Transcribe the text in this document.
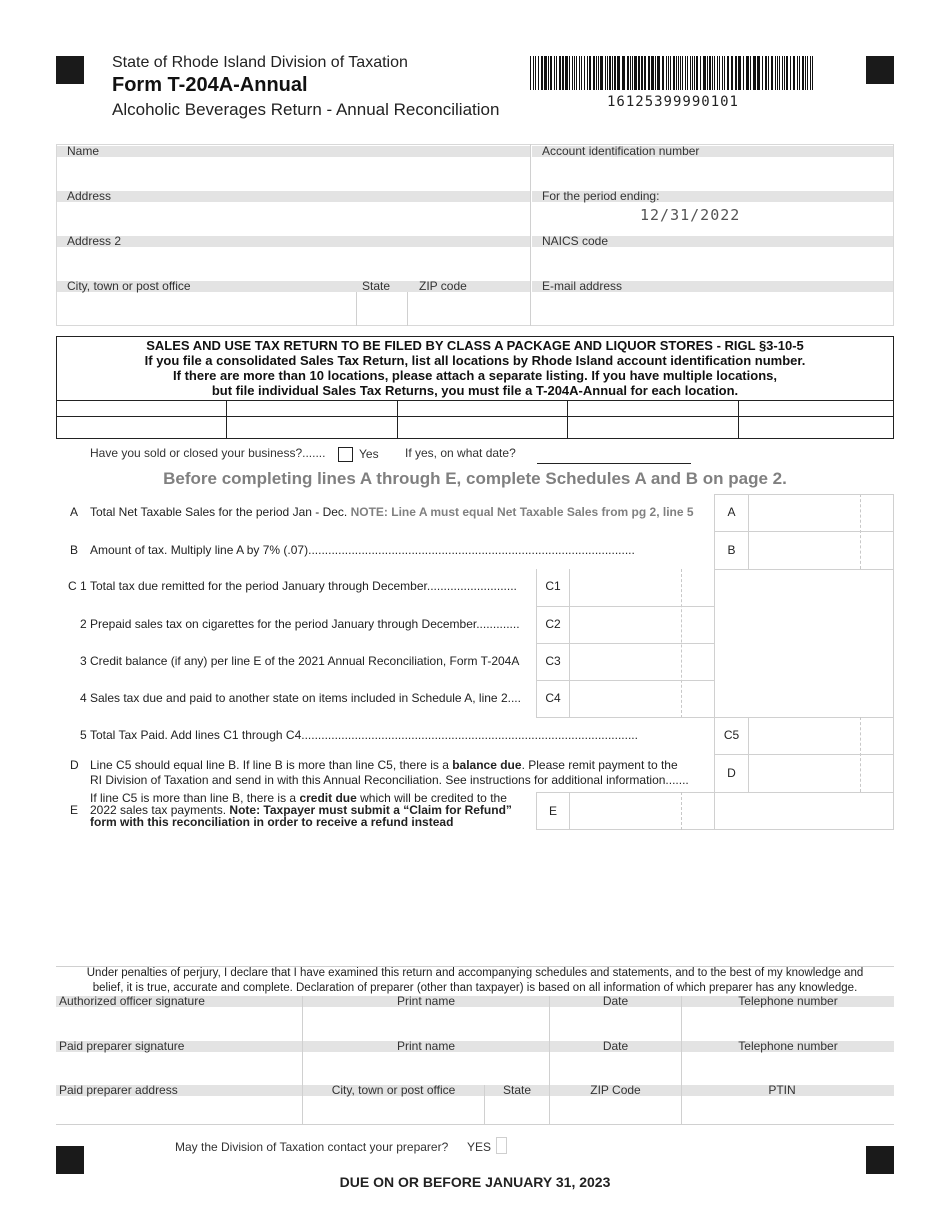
State of Rhode Island Division of Taxation
Form T-204A-Annual
Alcoholic Beverages Return - Annual Reconciliation	16125399990101
Name	Account identification number
Address	For the period ending:
12/31/2022
Address 2	NAICS code
City, town or post office	State ZIP code	E-mail address
SALES AND USE TAX RETURN TO BE FILED BY CLASS A PACKAGE AND LIQUOR STORES - RIGL §3-10-5
If you file a consolidated Sales Tax Return, list all locations by Rhode Island account identification number.
If there are more than 10 locations, please attach a separate listing. If you have multiple locations,
but file individual Sales Tax Returns, you must file a T-204A-Annual for each location.
Have you sold or closed your business?.......	Yes If yes, on what date?
Before completing lines A through E, complete Schedules A and B on page 2.
A Total Net Taxable Sales for the period Jan - Dec. NOTE: Line A must equal Net Taxable Sales from pg 2, line 5	A
B Amount of tax. Multiply line A by 7% (.07)..................................................................................................	B
C 1 Total tax due remitted for the period January through December...........................	C1
2 Prepaid sales tax on cigarettes for the period January through December.............	C2
3 Credit balance (if any) per line E of the 2021 Annual Reconciliation, Form T-204A	C3
4 Sales tax due and paid to another state on items included in Schedule A, line 2....	C4
5 Total Tax Paid. Add lines C1 through C4.....................................................................................................	C5
D Line C5 should equal line B. If line B is more than line C5, there is a balance due. Please remit payment to the
RI Division of Taxation and send in with this Annual Reconciliation. See instructions for additional information.......	D
E
If line C5 is more than line B, there is a credit due which will be credited to the
2022 sales tax payments. Note: Taxpayer must submit a “Claim for Refund”
form with this reconciliation in order to receive a refund instead
E
Under penalties of perjury, I declare that I have examined this return and accompanying schedules and statements, and to the best of my knowledge and
belief, it is true, accurate and complete. Declaration of preparer (other than taxpayer) is based on all information of which preparer has any knowledge.
Authorized officer signature	Print name	Date	Telephone number
Paid preparer signature	Print name	Date	Telephone number
Paid preparer address	City, town or post office	State	ZIP Code	PTIN
May the Division of Taxation contact your preparer? YES
DUE ON OR BEFORE JANUARY 31, 2023
